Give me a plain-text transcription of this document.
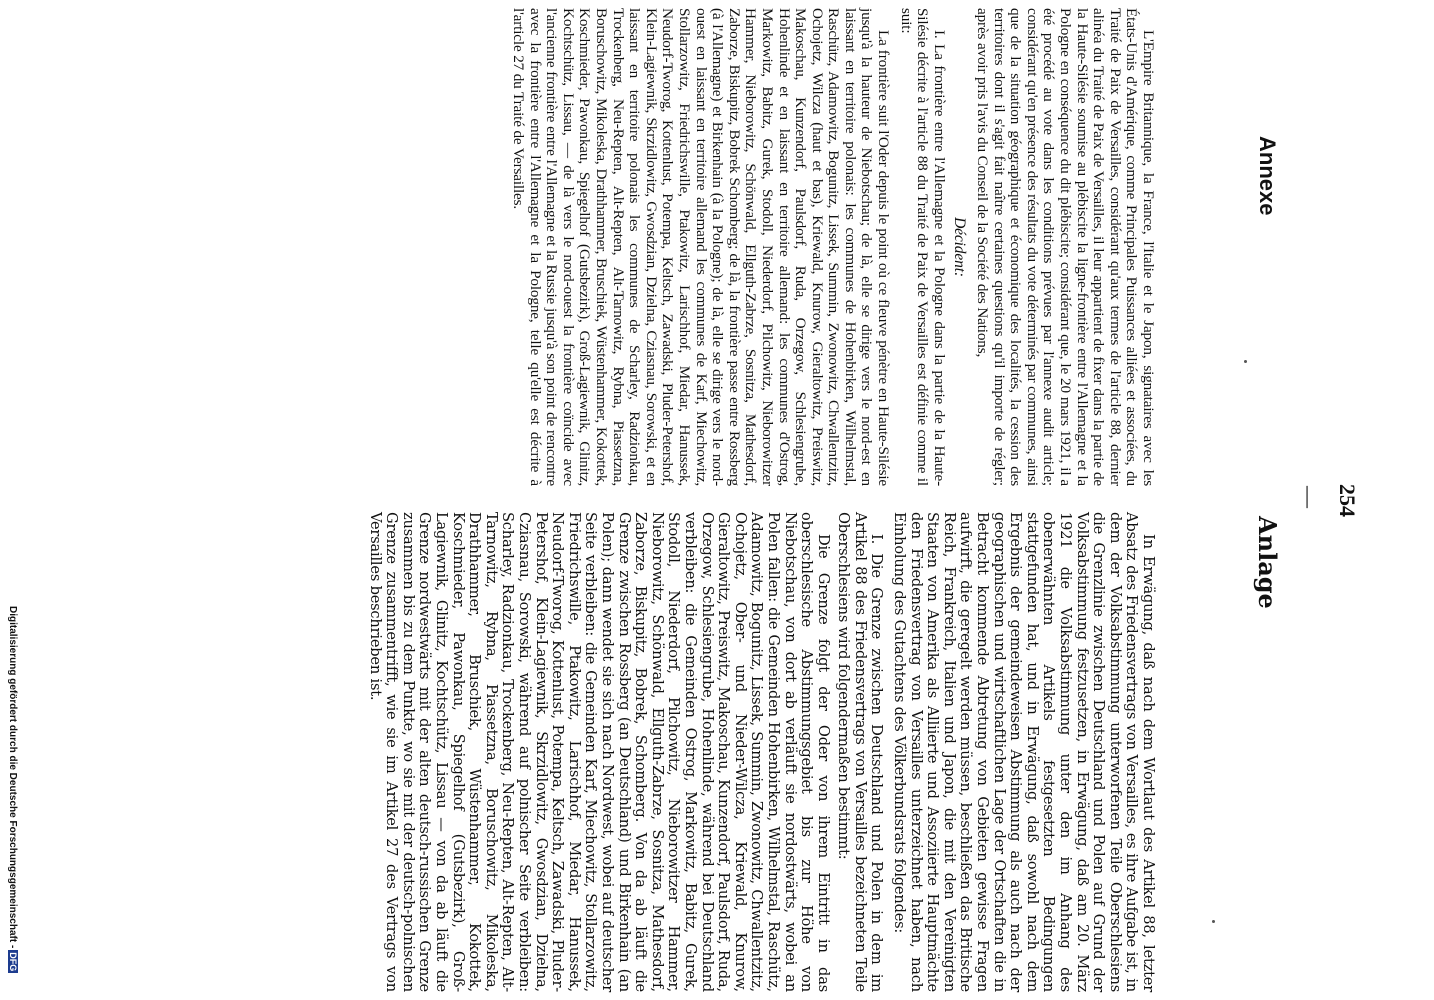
Annexe
— 254
Anlage

L'Empire Britannique, la France, l'Italie et le Japon, signataires avec les États-Unis d'Amérique, comme Principales Puissances alliées et associées, du Traité de Paix de Versailles, considérant qu'aux termes de l'article 88, dernier alinéa du Traité de Paix de Versailles, il leur appartient de fixer dans la partie de la Haute-Silésie soumise au plébiscite la ligne-frontière entre l'Allemagne et la Pologne en conséquence du dit plébiscite; considérant que, le 20 mars 1921, il a été procédé au vote dans les conditions prévues par l'annexe audit article; considérant qu'en présence des résultats du vote déterminés par communes, ainsi que de la situation géographique et économique des localités, la cession des territoires dont il s'agit fait naître certaines questions qu'il importe de régler; après avoir pris l'avis du Conseil de la Société des Nations,

Décident:

I. La frontière entre l'Allemagne et la Pologne dans la partie de la Haute-Silésie décrite à l'article 88 du Traité de Paix de Versailles est définie comme il suit:

La frontière suit l'Oder depuis le point où ce fleuve pénètre en Haute-Silésie jusqu'à la hauteur de Niebotschau; de là, elle se dirige vers le nord-est en laissant en territoire polonais: les communes de Hohenbirken, Wilhelmstal, Raschütz, Adamowitz, Bogunitz, Lissek, Summin, Zwonowitz, Chwallentzitz, Ochojetz, Wilcza (haut et bas), Kriewald, Knurow, Gieraltowitz, Preiswitz, Makoschau, Kunzendorf, Paulsdorf, Ruda, Orzegow, Schlesiengrube, Hohenlinde et en laissant en territoire allemand: les communes d'Ostrog, Markowitz, Babitz, Gurek, Stodoll, Niederdorf, Pilchowitz, Nieborowitzer Hammer, Nieborowitz, Schönwald, Ellguth-Zabrze, Sosnitza, Mathesdorf, Zaborze, Biskupitz, Bobrek Schomberg; de là, la frontière passe entre Rossberg (à l'Allemagne) et Birkenhain (à la Pologne); de là, elle se dirige vers le nord-ouest en laissant en territoire allemand les communes de Karf, Miechowitz, Stollarzowitz, Friedrichswille, Ptakowitz, Larischhof, Miedar, Hanussek, Neudorf-Tworog, Kottenlust, Potempa, Keltsch, Zawadski, Pluder-Petershof, Klein-Lagiewnik, Skrzidlowitz, Gwosdzian, Dzielna, Cziasnau, Sorowski, et en laissant en territoire polonais les communes de Scharley, Radzionkau, Trockenberg, Neu-Repten, Alt-Repten, Alt-Tarnowitz, Rybna, Piassetzna, Boruschowitz, Mikoleska, Drathhammer, Bruschiek, Wüstenhammer, Kokottek, Koschmieder, Pawonkau, Spiegelhof (Gutsbezirk), Groß-Lagiewnik, Glinitz, Kochtschütz, Lissau, — de là vers le nord-ouest la frontière coïncide avec l'ancienne frontière entre l'Allemagne et la Russie jusqu'à son point de rencontre avec la frontière entre l'Allemagne et la Pologne, telle qu'elle est décrite à l'article 27 du Traité de Versailles.

In Erwägung, daß nach dem Wortlaut des Artikel 88, letzter Absatz des Friedensvertrags von Versailles, es ihre Aufgabe ist, in dem der Volksabstimmung unterworfenen Teile Oberschlesiens die Grenzlinie zwischen Deutschland und Polen auf Grund der Volksabstimmung festzusetzen, in Erwägung, daß am 20. März 1921 die Volksabstimmung unter den im Anhang des obenerwähnten Artikels festgesetzten Bedingungen stattgefunden hat, und in Erwägung, daß sowohl nach dem Ergebnis der gemeindeweisen Abstimmung als auch nach der geographischen und wirtschaftlichen Lage der Ortschaften die in Betracht kommende Abtretung von Gebieten gewisse Fragen aufwirft, die geregelt werden müssen, beschließen das Britische Reich, Frankreich, Italien und Japon, die mit den Vereinigten Staaten von Amerika als Alliierte und Assoziierte Hauptmächte den Friedensvertrag von Versailles unterzeichnet haben, nach Einholung des Gutachtens des Völkerbundsrats folgendes:

I. Die Grenze zwischen Deutschland und Polen in dem im Artikel 88 des Friedensvertrags von Versailles bezeichneten Teile Oberschlesiens wird folgendermaßen bestimmt:

Die Grenze folgt der Oder von ihrem Eintritt in das oberschlesische Abstimmungsgebiet bis zur Höhe von Niebotschau, von dort ab verläuft sie nordostwärts, wobei an Polen fallen: die Gemeinden Hohenbirken, Wilhelmstal, Raschütz, Adamowitz, Bogunitz, Lissek, Summin, Zwonowitz, Chwallentzitz, Ochojetz, Ober- und Nieder-Wilcza, Kriewald, Knurow, Gieraltowitz, Preiswitz, Makoschau, Kunzendorf, Paulsdorf, Ruda, Orzegow, Schlesiengrube, Hohenlinde, während bei Deutschland verbleiben: die Gemeinden Ostrog, Markowitz, Babitz, Gurek, Stodoll, Niederdorf, Pilchowitz, Nieborowitzer Hammer, Nieborowitz, Schönwald, Ellguth-Zabrze, Sosnitza, Mathesdorf, Zaborze, Biskupitz, Bobrek, Schomberg. Von da ab läuft die Grenze zwischen Rossberg (an Deutschland) und Birkenhain (an Polen); dann wendet sie sich nach Nordwest, wobei auf deutscher Seite verbleiben: die Gemeinden Karf, Miechowitz, Stollarzowitz, Friedrichswille, Ptakowitz, Larischhof, Miedar, Hanussek, Neudorf-Tworog, Kottenlust, Potempa, Keltsch, Zawadski, Pluder-Petershof, Klein-Lagiewnik, Skrzidlowitz, Gwosdzian, Dzielna, Cziasnau, Sorowski, während auf polnischer Seite verbleiben: Scharley, Radzionkau, Trockenberg, Neu-Repten, Alt-Repten, Alt-Tarnowitz, Rybna, Piassetzna, Boruschowitz, Mikoleska, Drathhammer, Bruschiek, Wüstenhammer, Kokottek, Koschmieder, Pawonkau, Spiegelhof (Gutsbezirk), Groß-Lagiewnik, Glinitz, Kochtschütz, Lissau — von da ab läuft die Grenze nordwestwärts mit der alten deutsch-russischen Grenze zusammen bis zu dem Punkte, wo sie mit der deutsch-polnischen Grenze zusammentrifft, wie sie im Artikel 27 des Vertrags von Versailles beschrieben ist.

Digitalisierung gefördert durch die Deutsche Forschungsgemeinschaft -DFG
